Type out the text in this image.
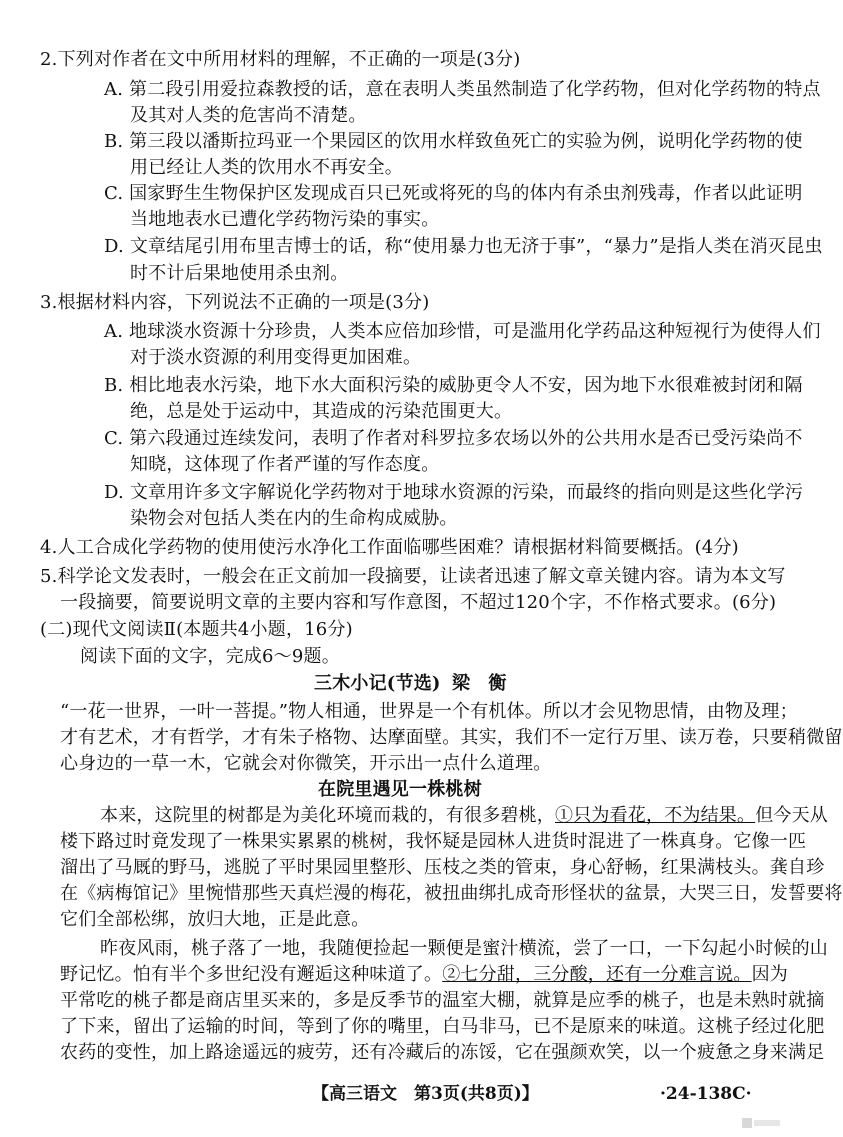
2.下列对作者在文中所用材料的理解，不正确的一项是(3分)
A. 第二段引用爱拉森教授的话，意在表明人类虽然制造了化学药物，但对化学药物的特点
及其对人类的危害尚不清楚。
B. 第三段以潘斯拉玛亚一个果园区的饮用水样致鱼死亡的实验为例，说明化学药物的使
用已经让人类的饮用水不再安全。
C. 国家野生生物保护区发现成百只已死或将死的鸟的体内有杀虫剂残毒，作者以此证明
当地地表水已遭化学药物污染的事实。
D. 文章结尾引用布里吉博士的话，称“使用暴力也无济于事”，“暴力”是指人类在消灭昆虫
时不计后果地使用杀虫剂。
3.根据材料内容，下列说法不正确的一项是(3分)
A. 地球淡水资源十分珍贵，人类本应倍加珍惜，可是滥用化学药品这种短视行为使得人们
对于淡水资源的利用变得更加困难。
B. 相比地表水污染，地下水大面积污染的威胁更令人不安，因为地下水很难被封闭和隔
绝，总是处于运动中，其造成的污染范围更大。
C. 第六段通过连续发问，表明了作者对科罗拉多农场以外的公共用水是否已受污染尚不
知晓，这体现了作者严谨的写作态度。
D. 文章用许多文字解说化学药物对于地球水资源的污染，而最终的指向则是这些化学污
染物会对包括人类在内的生命构成威胁。
4.人工合成化学药物的使用使污水净化工作面临哪些困难？请根据材料简要概括。(4分)
5.科学论文发表时，一般会在正文前加一段摘要，让读者迅速了解文章关键内容。请为本文写
一段摘要，简要说明文章的主要内容和写作意图，不超过120个字，不作格式要求。(6分)
(二)现代文阅读Ⅱ(本题共4小题，16分)
阅读下面的文字，完成6～9题。
三木小记(节选) 梁　衡
“一花一世界，一叶一菩提。”物人相通，世界是一个有机体。所以才会见物思情，由物及理；
才有艺术，才有哲学，才有朱子格物、达摩面壁。其实，我们不一定行万里、读万卷，只要稍微留
心身边的一草一木，它就会对你微笑，开示出一点什么道理。
在院里遇见一株桃树
本来，这院里的树都是为美化环境而栽的，有很多碧桃，①只为看花，不为结果。但今天从
楼下路过时竟发现了一株果实累累的桃树，我怀疑是园林人进货时混进了一株真身。它像一匹
溜出了马厩的野马，逃脱了平时果园里整形、压枝之类的管束，身心舒畅，红果满枝头。龚自珍
在《病梅馆记》里惋惜那些天真烂漫的梅花，被扭曲绑扎成奇形怪状的盆景，大哭三日，发誓要将
它们全部松绑，放归大地，正是此意。
昨夜风雨，桃子落了一地，我随便捡起一颗便是蜜汁横流，尝了一口，一下勾起小时候的山
野记忆。怕有半个多世纪没有邂逅这种味道了。②七分甜，三分酸，还有一分难言说。因为
平常吃的桃子都是商店里买来的，多是反季节的温室大棚，就算是应季的桃子，也是未熟时就摘
了下来，留出了运输的时间，等到了你的嘴里，白马非马，已不是原来的味道。这桃子经过化肥
农药的变性，加上路途遥远的疲劳，还有冷藏后的冻馁，它在强颜欢笑，以一个疲惫之身来满足
【高三语文　第3页(共8页)】	·24-138C·
